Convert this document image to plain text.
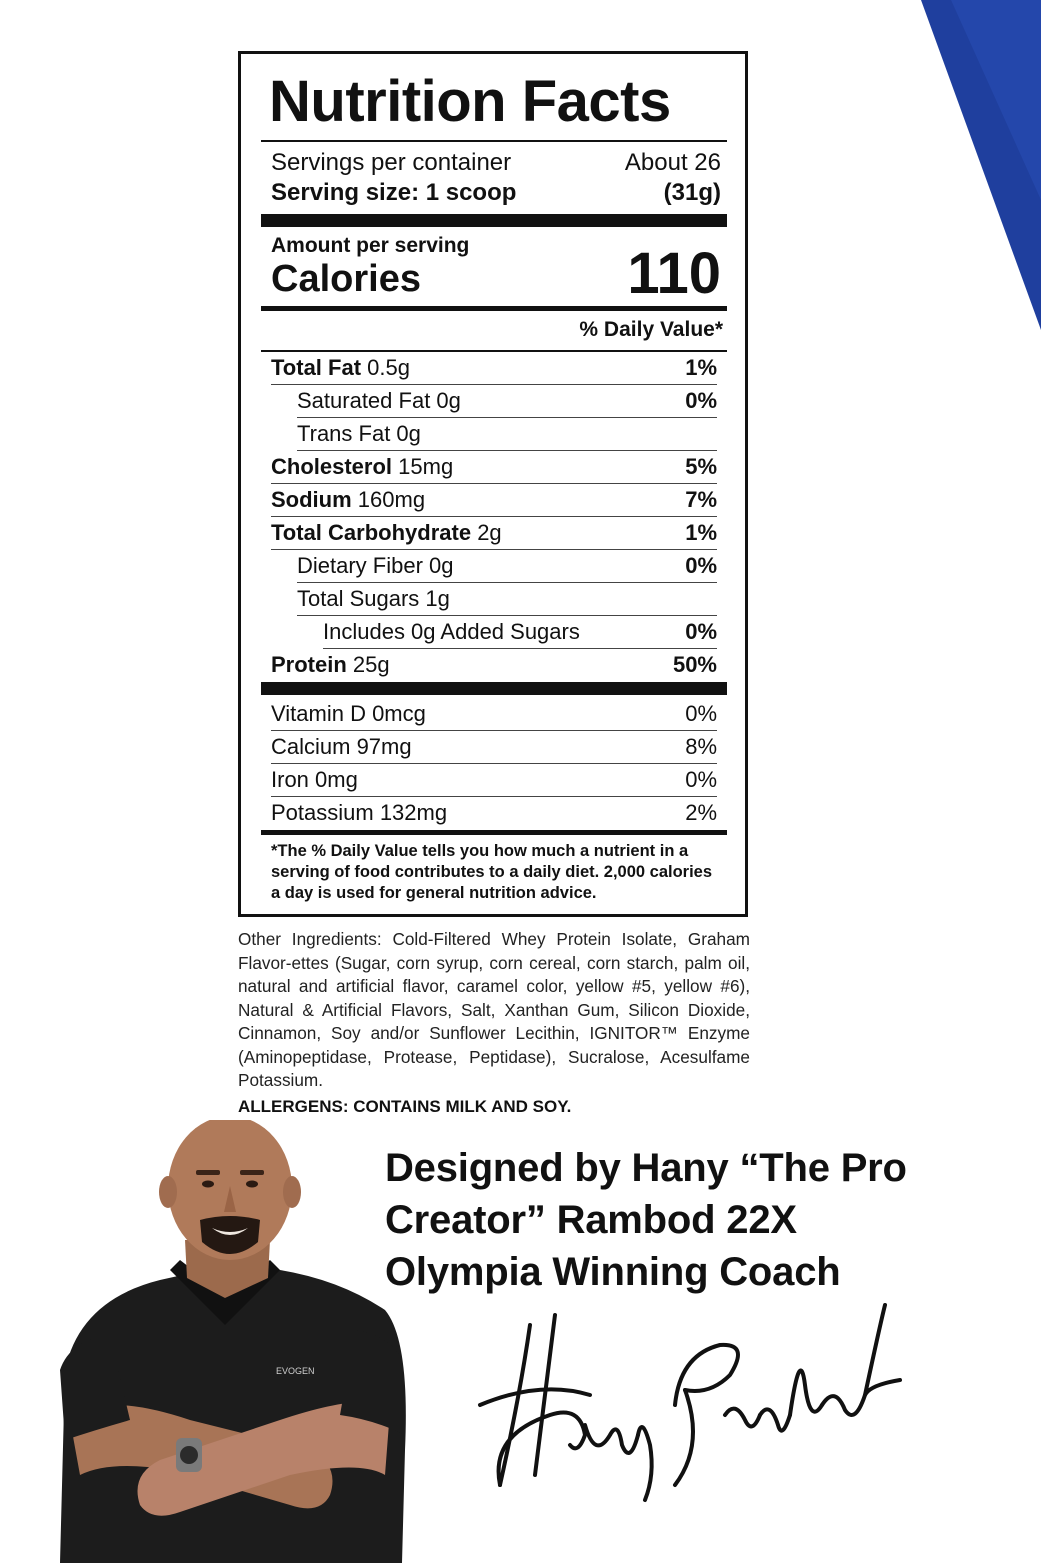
Nutrition Facts
Servings per container	About 26
Serving size: 1 scoop	(31g)
Amount per serving
Calories	110
% Daily Value*
Total Fat 0.5g	1%
Saturated Fat 0g	0%
Trans Fat 0g
Cholesterol 15mg	5%
Sodium 160mg	7%
Total Carbohydrate 2g	1%
Dietary Fiber 0g	0%
Total Sugars 1g
Includes 0g Added Sugars	0%
Protein 25g	50%
Vitamin D 0mcg	0%
Calcium 97mg	8%
Iron 0mg	0%
Potassium 132mg	2%
*The % Daily Value tells you how much a nutrient in a serving of food contributes to a daily diet. 2,000 calories a day is used for general nutrition advice.
Other Ingredients: Cold-Filtered Whey Protein Isolate, Graham Flavor-ettes (Sugar, corn syrup, corn cereal, corn starch, palm oil, natural and artificial flavor, caramel color, yellow #5, yellow #6), Natural & Artificial Flavors, Salt, Xanthan Gum, Silicon Dioxide, Cinnamon, Soy and/or Sunflower Lecithin, IGNITOR™ Enzyme (Aminopeptidase, Protease, Peptidase), Sucralose, Acesulfame Potassium.
ALLERGENS: CONTAINS MILK AND SOY.
EVOGEN
Designed by Hany “The Pro
Creator” Rambod 22X
Olympia Winning Coach
